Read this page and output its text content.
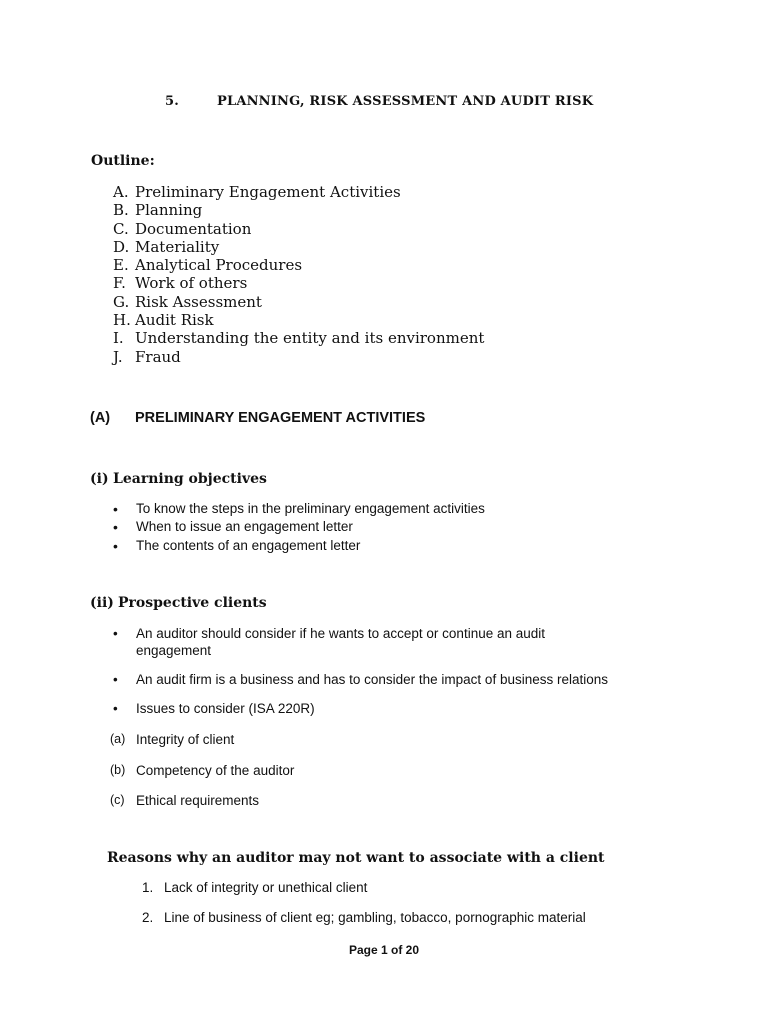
5.	PLANNING, RISK ASSESSMENT AND AUDIT RISK
Outline:
A. Preliminary Engagement Activities
B. Planning
C. Documentation
D. Materiality
E. Analytical Procedures
F. Work of others
G. Risk Assessment
H. Audit Risk
I. Understanding the entity and its environment
J. Fraud
(A) PRELIMINARY ENGAGEMENT ACTIVITIES
(i) Learning objectives
• To know the steps in the preliminary engagement activities
• When to issue an engagement letter
• The contents of an engagement letter
(ii) Prospective clients
• An auditor should consider if he wants to accept or continue an audit
engagement
• An audit firm is a business and has to consider the impact of business relations
• Issues to consider (ISA 220R)
(a) Integrity of client
(b) Competency of the auditor
(c) Ethical requirements
Reasons why an auditor may not want to associate with a client
1. Lack of integrity or unethical client
2. Line of business of client eg; gambling, tobacco, pornographic material
Page 1 of 20
